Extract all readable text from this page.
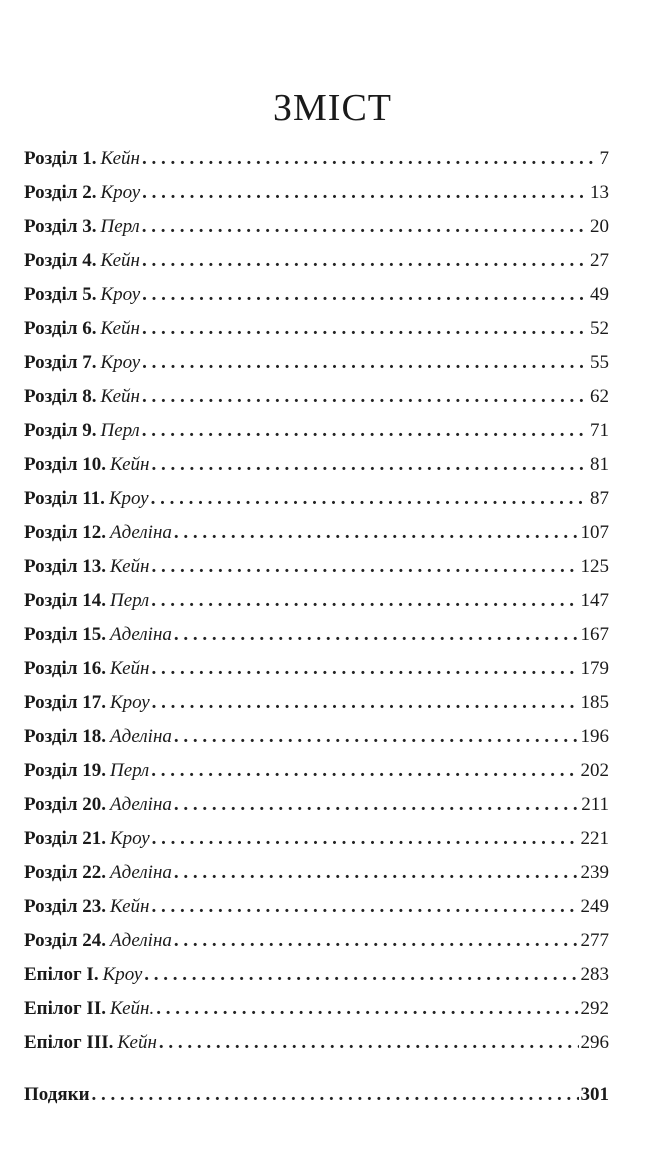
ЗМІСТ
Розділ 1. Кейн . . .	7
Розділ 2. Кроу . . .	13
Розділ 3. Перл . . .	20
Розділ 4. Кейн . . .	27
Розділ 5. Кроу . . .	49
Розділ 6. Кейн . . .	52
Розділ 7. Кроу . . .	55
Розділ 8. Кейн . . .	62
Розділ 9. Перл . . .	71
Розділ 10. Кейн . . .	81
Розділ 11. Кроу . . .	87
Розділ 12. Аделіна . . .	107
Розділ 13. Кейн . . .	125
Розділ 14. Перл . . .	147
Розділ 15. Аделіна . . .	167
Розділ 16. Кейн . . .	179
Розділ 17. Кроу . . .	185
Розділ 18. Аделіна . . .	196
Розділ 19. Перл . . .	202
Розділ 20. Аделіна . . .	211
Розділ 21. Кроу . . .	221
Розділ 22. Аделіна . . .	239
Розділ 23. Кейн . . .	249
Розділ 24. Аделіна . . .	277
Епілог І. Кроу . . .	283
Епілог ІІ. Кейн. . . .	292
Епілог ІІІ. Кейн . . .	296
Подяки . . .	301
